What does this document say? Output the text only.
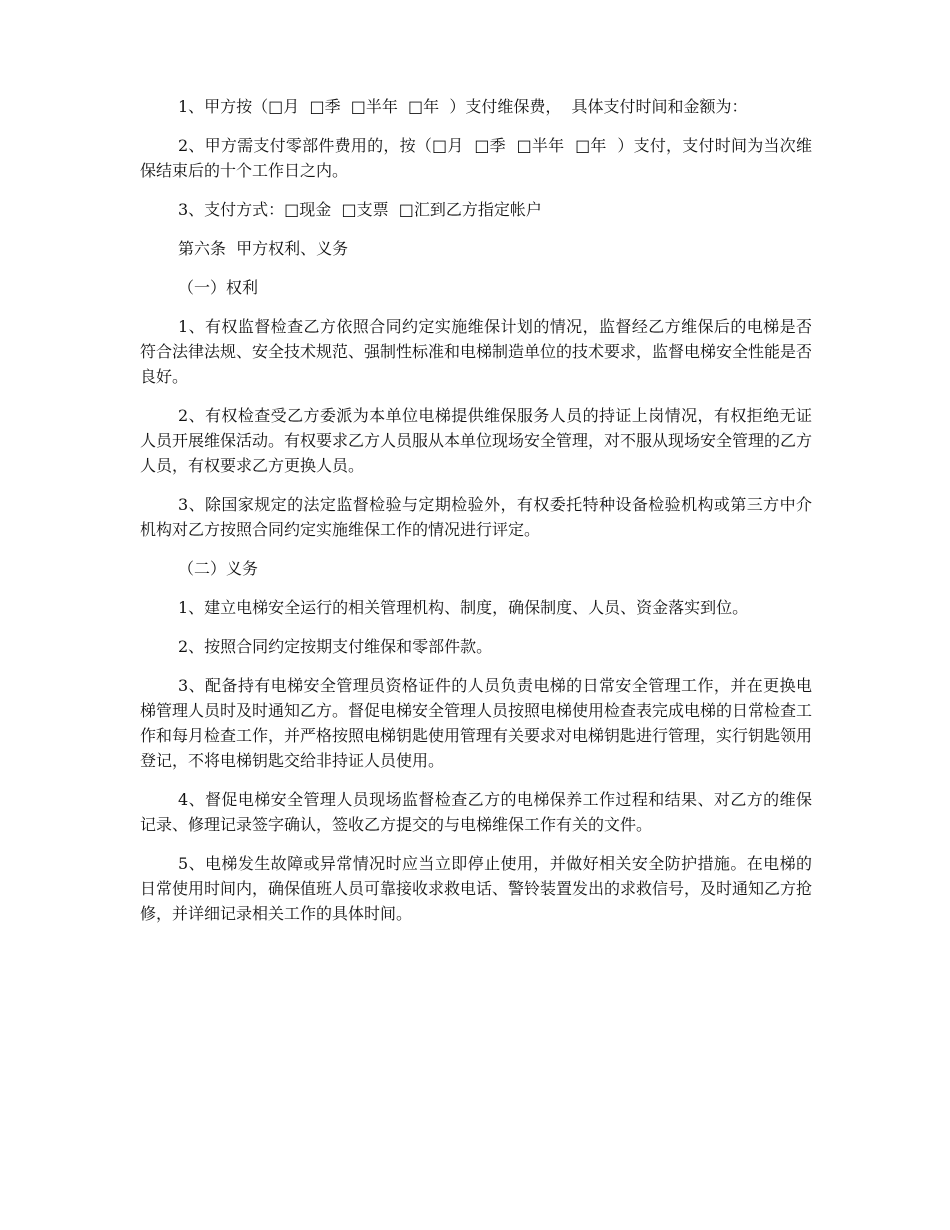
1、甲方按（□月  □季  □半年  □年  ）支付维保费，  具体支付时间和金额为：

2、甲方需支付零部件费用的，按（□月  □季  □半年  □年  ）支付，支付时间为当次维保结束后的十个工作日之内。

3、支付方式：□现金  □支票  □汇到乙方指定帐户

第六条  甲方权利、义务

（一）权利

1、有权监督检查乙方依照合同约定实施维保计划的情况，监督经乙方维保后的电梯是否符合法律法规、安全技术规范、强制性标准和电梯制造单位的技术要求，监督电梯安全性能是否良好。

2、有权检查受乙方委派为本单位电梯提供维保服务人员的持证上岗情况，有权拒绝无证人员开展维保活动。有权要求乙方人员服从本单位现场安全管理，对不服从现场安全管理的乙方人员，有权要求乙方更换人员。

3、除国家规定的法定监督检验与定期检验外，有权委托特种设备检验机构或第三方中介机构对乙方按照合同约定实施维保工作的情况进行评定。

（二）义务

1、建立电梯安全运行的相关管理机构、制度，确保制度、人员、资金落实到位。

2、按照合同约定按期支付维保和零部件款。

3、配备持有电梯安全管理员资格证件的人员负责电梯的日常安全管理工作，并在更换电梯管理人员时及时通知乙方。督促电梯安全管理人员按照电梯使用检查表完成电梯的日常检查工作和每月检查工作，并严格按照电梯钥匙使用管理有关要求对电梯钥匙进行管理，实行钥匙领用登记，不将电梯钥匙交给非持证人员使用。

4、督促电梯安全管理人员现场监督检查乙方的电梯保养工作过程和结果、对乙方的维保记录、修理记录签字确认，签收乙方提交的与电梯维保工作有关的文件。

5、电梯发生故障或异常情况时应当立即停止使用，并做好相关安全防护措施。在电梯的日常使用时间内，确保值班人员可靠接收求救电话、警铃装置发出的求救信号，及时通知乙方抢修，并详细记录相关工作的具体时间。
